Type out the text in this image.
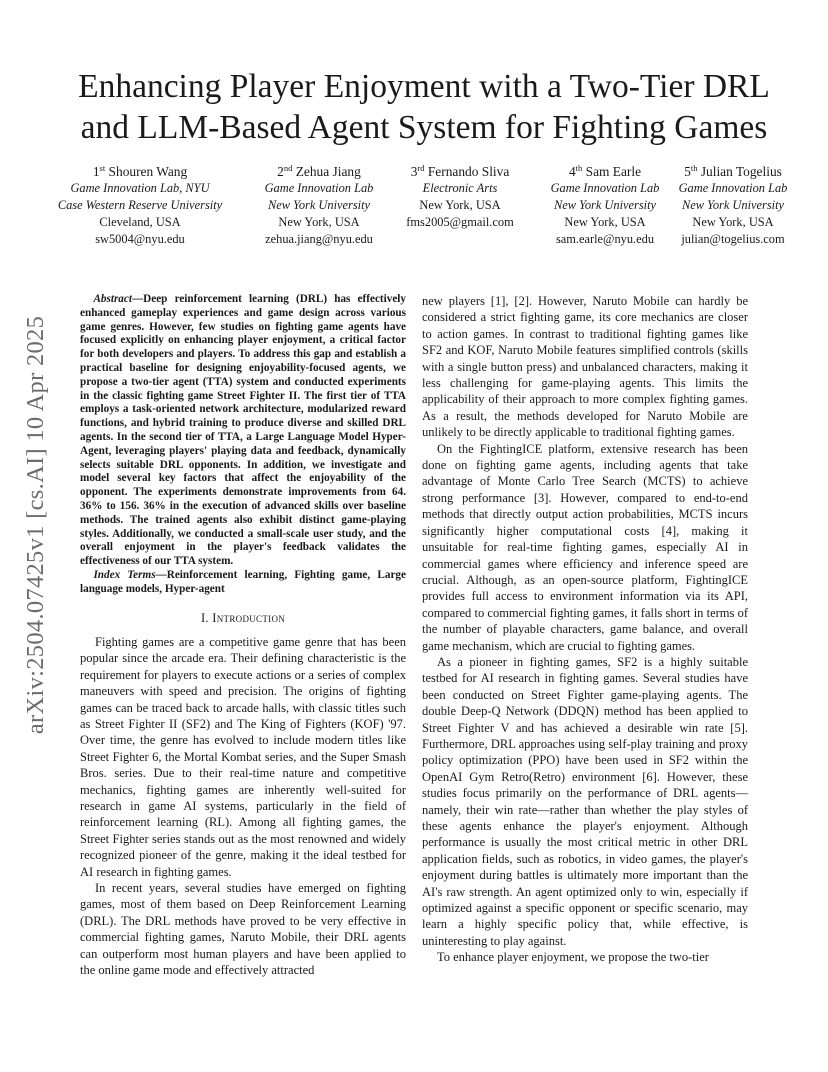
arXiv:2504.07425v1 [cs.AI] 10 Apr 2025
Enhancing Player Enjoyment with a Two-Tier DRL
and LLM-Based Agent System for Fighting Games
1st Shouren Wang
Game Innovation Lab, NYU
Case Western Reserve University
Cleveland, USA
sw5004@nyu.edu
2nd Zehua Jiang
Game Innovation Lab
New York University
New York, USA
zehua.jiang@nyu.edu
3rd Fernando Sliva
Electronic Arts
New York, USA
fms2005@gmail.com
4th Sam Earle
Game Innovation Lab
New York University
New York, USA
sam.earle@nyu.edu
5th Julian Togelius
Game Innovation Lab
New York University
New York, USA
julian@togelius.com

Abstract—Deep reinforcement learning (DRL) has effectively enhanced gameplay experiences and game design across various game genres. However, few studies on fighting game agents have focused explicitly on enhancing player enjoyment, a critical factor for both developers and players. To address this gap and establish a practical baseline for designing enjoyability-focused agents, we propose a two-tier agent (TTA) system and conducted experiments in the classic fighting game Street Fighter II. The first tier of TTA employs a task-oriented network architecture, modularized reward functions, and hybrid training to produce diverse and skilled DRL agents. In the second tier of TTA, a Large Language Model Hyper-Agent, leveraging players' playing data and feedback, dynamically selects suitable DRL opponents. In addition, we investigate and model several key factors that affect the enjoyability of the opponent. The experiments demonstrate improvements from 64. 36% to 156. 36% in the execution of advanced skills over baseline methods. The trained agents also exhibit distinct game-playing styles. Additionally, we conducted a small-scale user study, and the overall enjoyment in the player's feedback validates the effectiveness of our TTA system.

Index Terms—Reinforcement learning, Fighting game, Large language models, Hyper-agent

I. Introduction

Fighting games are a competitive game genre that has been popular since the arcade era. Their defining characteristic is the requirement for players to execute actions or a series of complex maneuvers with speed and precision. The origins of fighting games can be traced back to arcade halls, with classic titles such as Street Fighter II (SF2) and The King of Fighters (KOF) '97. Over time, the genre has evolved to include modern titles like Street Fighter 6, the Mortal Kombat series, and the Super Smash Bros. series. Due to their real-time nature and competitive mechanics, fighting games are inherently well-suited for research in game AI systems, particularly in the field of reinforcement learning (RL). Among all fighting games, the Street Fighter series stands out as the most renowned and widely recognized pioneer of the genre, making it the ideal testbed for AI research in fighting games.

In recent years, several studies have emerged on fighting games, most of them based on Deep Reinforcement Learning (DRL). The DRL methods have proved to be very effective in commercial fighting games, Naruto Mobile, their DRL agents can outperform most human players and have been applied to the online game mode and effectively attracted

new players [1], [2]. However, Naruto Mobile can hardly be considered a strict fighting game, its core mechanics are closer to action games. In contrast to traditional fighting games like SF2 and KOF, Naruto Mobile features simplified controls (skills with a single button press) and unbalanced characters, making it less challenging for game-playing agents. This limits the applicability of their approach to more complex fighting games. As a result, the methods developed for Naruto Mobile are unlikely to be directly applicable to traditional fighting games.

On the FightingICE platform, extensive research has been done on fighting game agents, including agents that take advantage of Monte Carlo Tree Search (MCTS) to achieve strong performance [3]. However, compared to end-to-end methods that directly output action probabilities, MCTS incurs significantly higher computational costs [4], making it unsuitable for real-time fighting games, especially AI in commercial games where efficiency and inference speed are crucial. Although, as an open-source platform, FightingICE provides full access to environment information via its API, compared to commercial fighting games, it falls short in terms of the number of playable characters, game balance, and overall game mechanism, which are crucial to fighting games.

As a pioneer in fighting games, SF2 is a highly suitable testbed for AI research in fighting games. Several studies have been conducted on Street Fighter game-playing agents. The double Deep-Q Network (DDQN) method has been applied to Street Fighter V and has achieved a desirable win rate [5]. Furthermore, DRL approaches using self-play training and proxy policy optimization (PPO) have been used in SF2 within the OpenAI Gym Retro(Retro) environment [6]. However, these studies focus primarily on the performance of DRL agents—namely, their win rate—rather than whether the play styles of these agents enhance the player's enjoyment. Although performance is usually the most critical metric in other DRL application fields, such as robotics, in video games, the player's enjoyment during battles is ultimately more important than the AI's raw strength. An agent optimized only to win, especially if optimized against a specific opponent or specific scenario, may learn a highly specific policy that, while effective, is uninteresting to play against.

To enhance player enjoyment, we propose the two-tier
